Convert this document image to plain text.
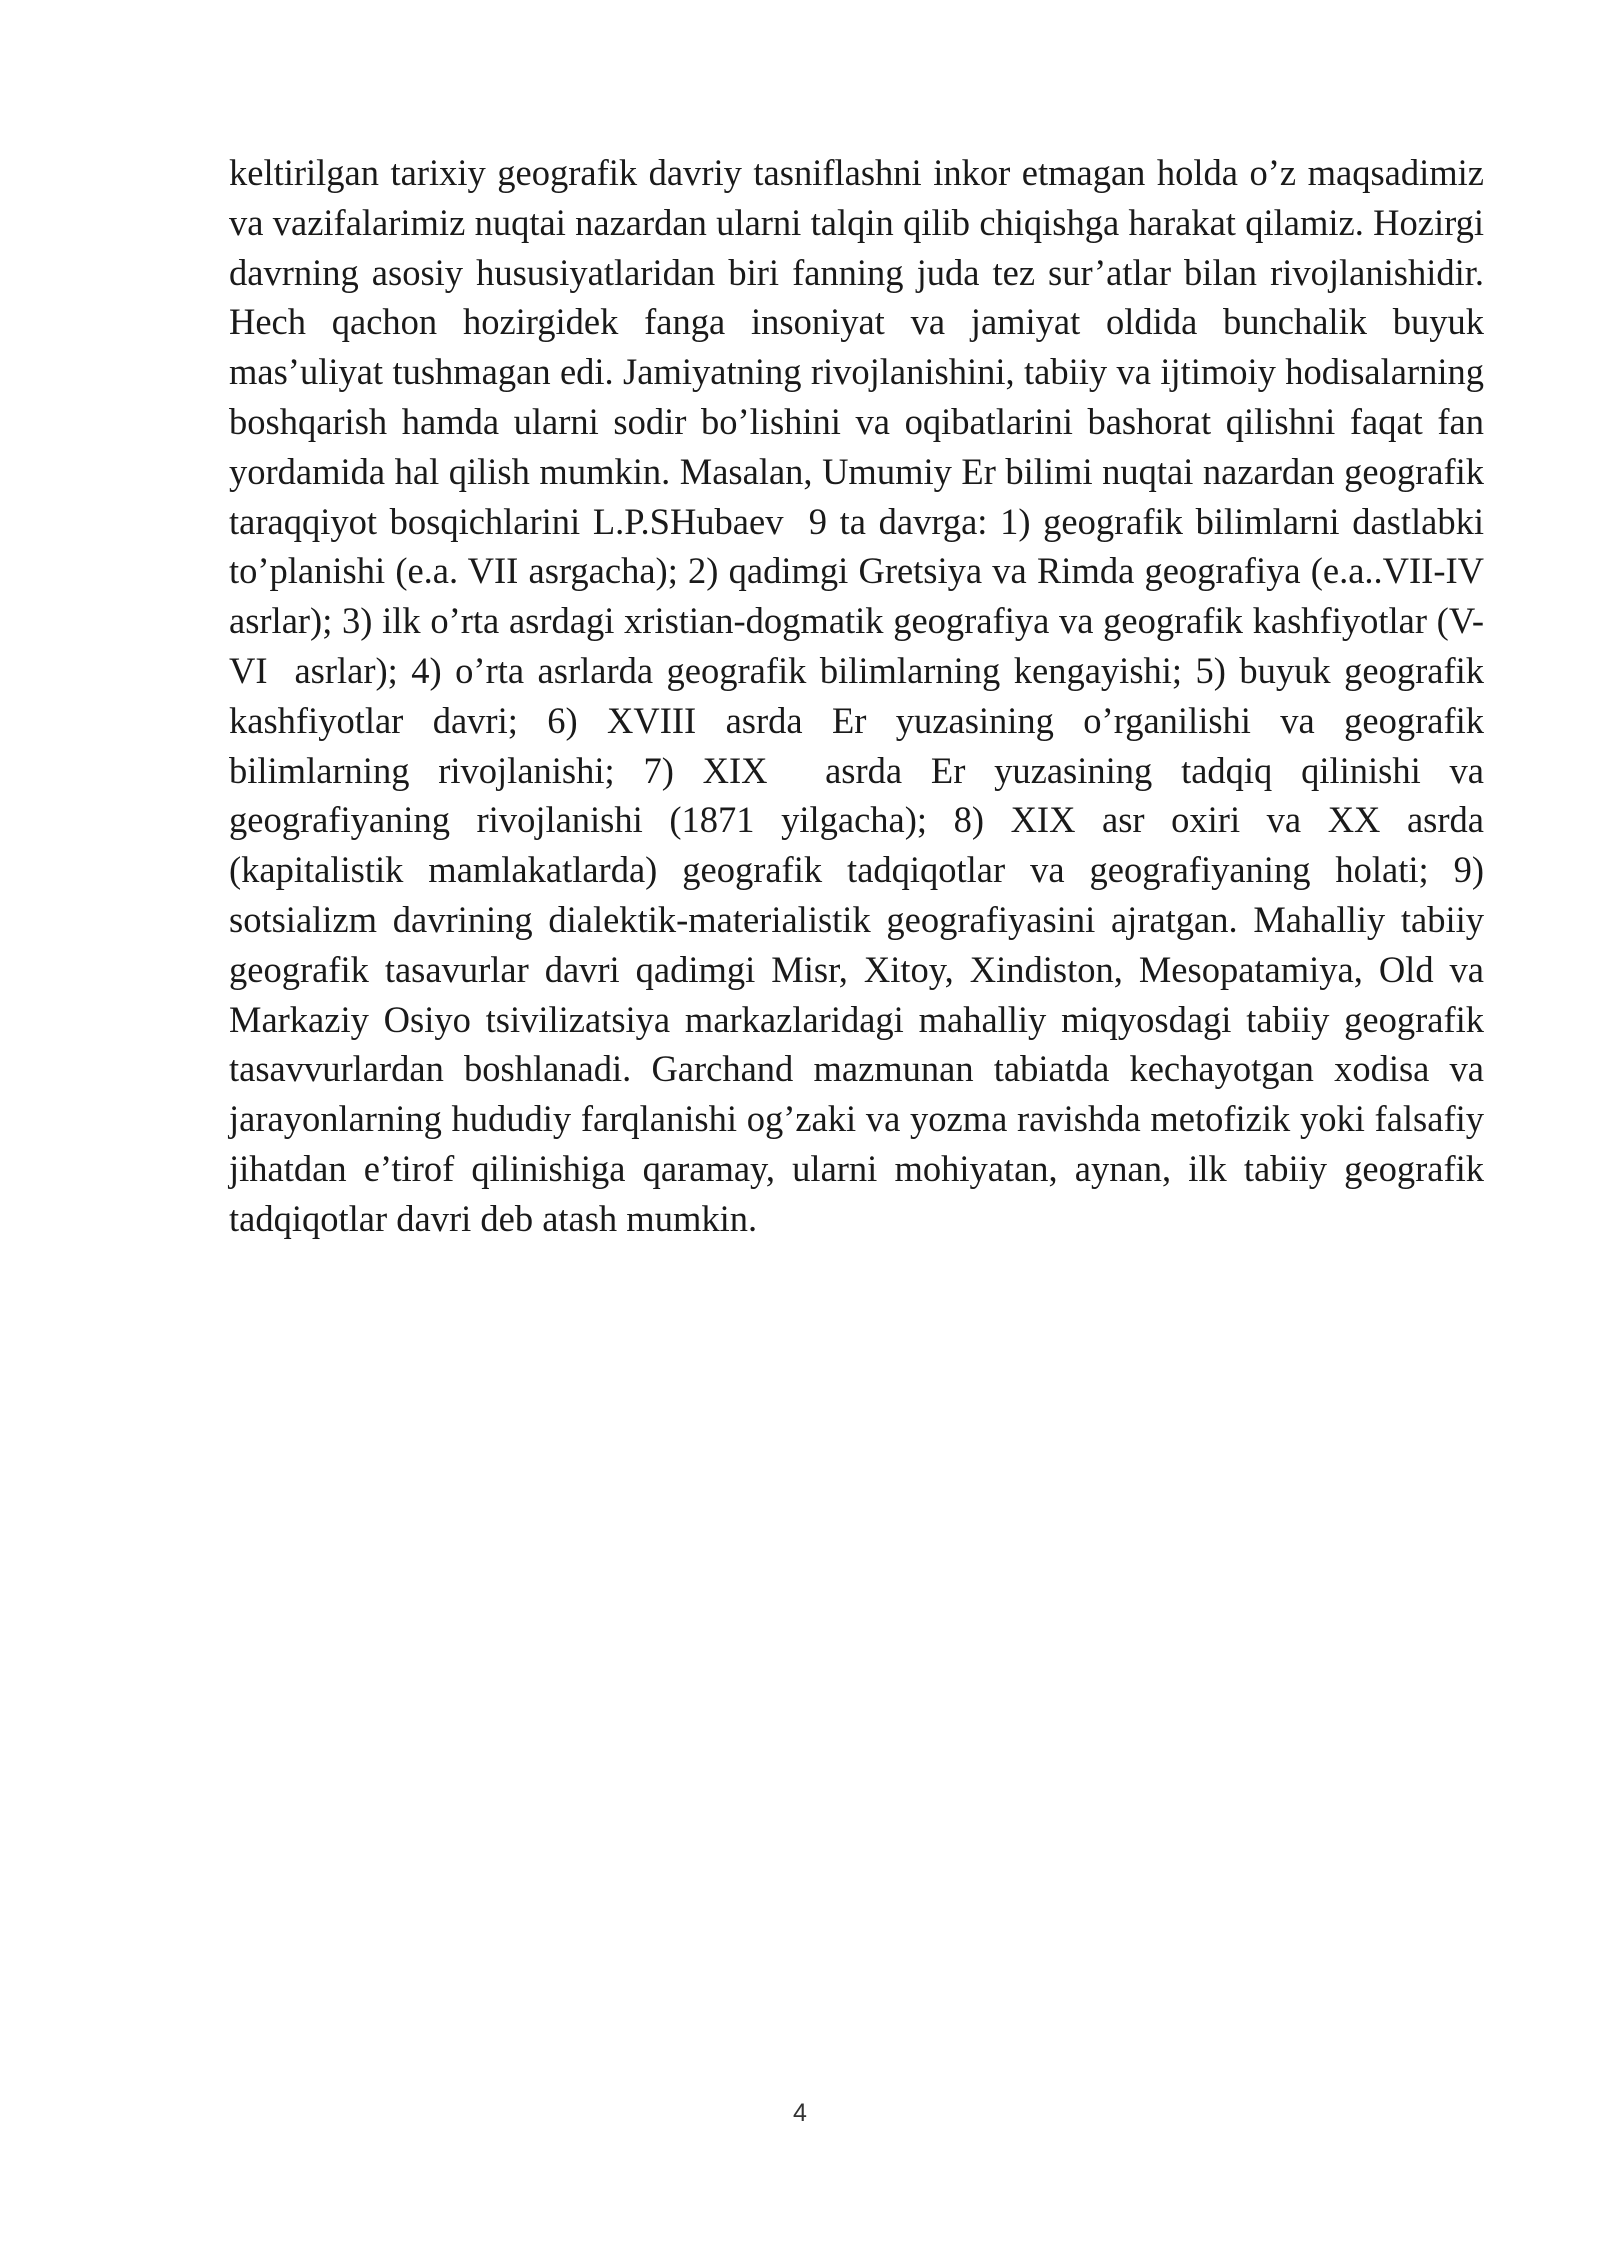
keltirilgan tarixiy geografik davriy tasniflashni inkor etmagan holda o’z maqsadimiz va vazifalarimiz nuqtai nazardan ularni talqin qilib chiqishga harakat qilamiz. Hozirgi davrning asosiy hususiyatlaridan biri fanning juda tez sur’atlar bilan rivojlanishidir. Hech qachon hozirgidek fanga insoniyat va jamiyat oldida bunchalik buyuk mas’uliyat tushmagan edi. Jamiyatning rivojlanishini, tabiiy va ijtimoiy hodisalarning boshqarish hamda ularni sodir bo’lishini va oqibatlarini bashorat qilishni faqat fan yordamida hal qilish mumkin. Masalan, Umumiy Er bilimi nuqtai nazardan geografik taraqqiyot bosqichlarini L.P.SHubaev  9 ta davrga: 1) geografik bilimlarni dastlabki to’planishi (e.a. VII asrgacha); 2) qadimgi Gretsiya va Rimda geografiya (e.a..VII-IV asrlar); 3) ilk o’rta asrdagi xristian-dogmatik geografiya va geografik kashfiyotlar (V-VI  asrlar); 4) o’rta asrlarda geografik bilimlarning kengayishi; 5) buyuk geografik  kashfiyotlar davri; 6) XVIII asrda Er yuzasining o’rganilishi va geografik bilimlarning rivojlanishi; 7) XIX  asrda Er yuzasining tadqiq qilinishi va geografiyaning rivojlanishi (1871 yilgacha); 8) XIX asr oxiri va XX asrda (kapitalistik mamlakatlarda) geografik tadqiqotlar va geografiyaning holati; 9) sotsializm davrining dialektik-materialistik geografiyasini ajratgan. Mahalliy tabiiy geografik tasavurlar davri qadimgi Misr, Xitoy, Xindiston, Mesopatamiya, Old va Markaziy Osiyo tsivilizatsiya markazlaridagi mahalliy miqyosdagi tabiiy geografik tasavvurlardan boshlanadi. Garchand mazmunan tabiatda kechayotgan xodisa va      jarayonlarning hududiy farqlanishi og’zaki va yozma ravishda metofizik yoki falsafiy jihatdan e’tirof qilinishiga qaramay, ularni mohiyatan, aynan, ilk tabiiy geografik tadqiqotlar davri deb atash mumkin.

4
